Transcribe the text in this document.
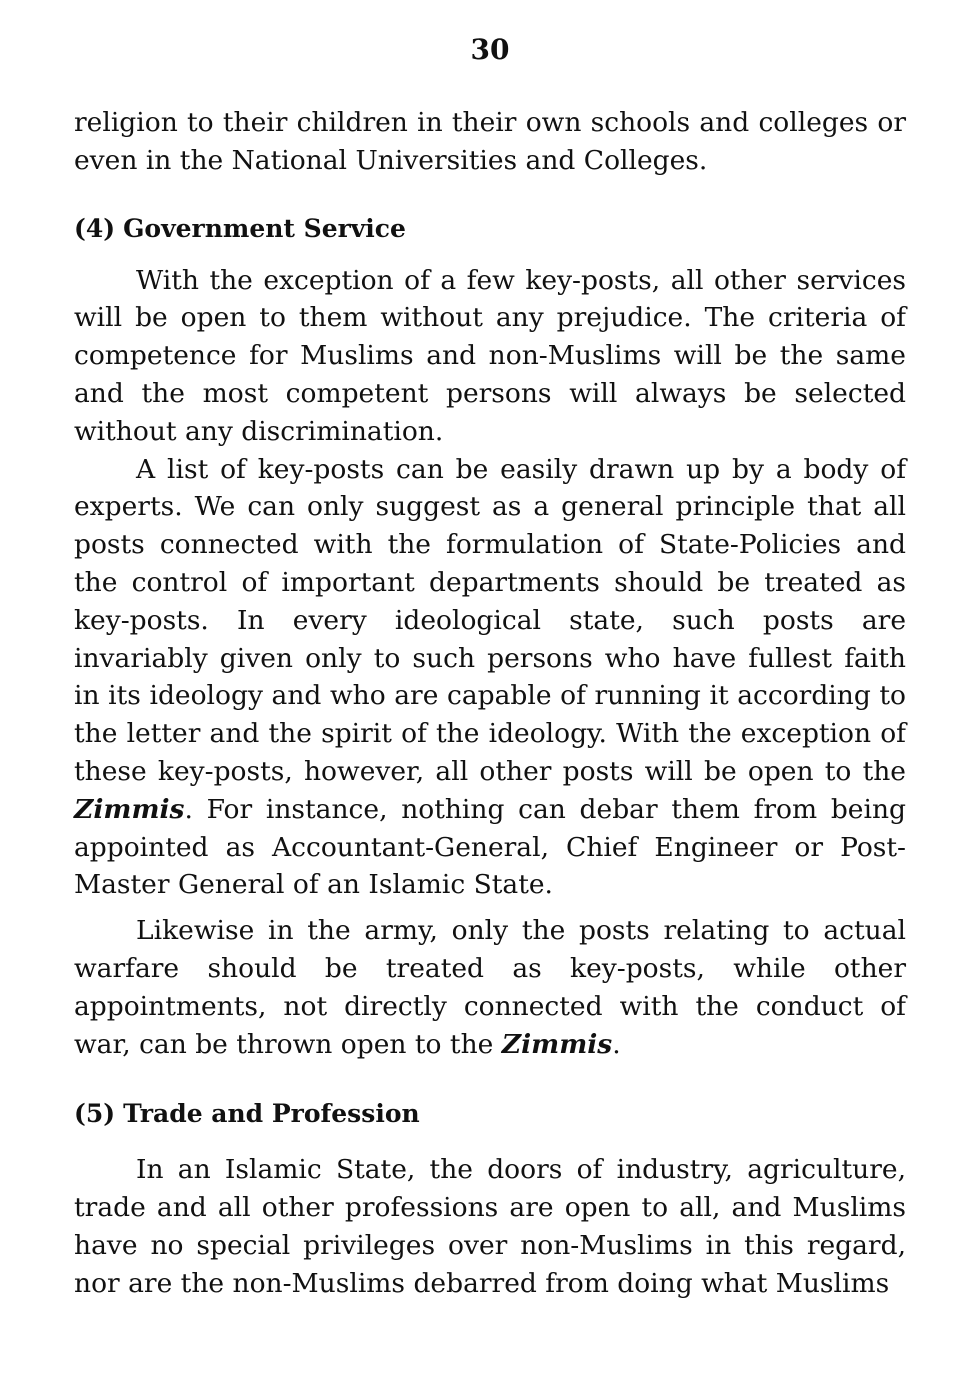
30

religion to their children in their own schools and colleges or even in the National Universities and Colleges.

(4) Government Service

With the exception of a few key-posts, all other services will be open to them without any prejudice. The criteria of competence for Muslims and non-Muslims will be the same and the most competent persons will always be selected without any discrimination.

A list of key-posts can be easily drawn up by a body of experts. We can only suggest as a general principle that all posts connected with the formulation of State-Policies and the control of important departments should be treated as key-posts. In every ideological state, such posts are invariably given only to such persons who have fullest faith in its ideology and who are capable of running it according to the letter and the spirit of the ideology. With the exception of these key-posts, however, all other posts will be open to the Zimmis. For instance, nothing can debar them from being appointed as Accountant-General, Chief Engineer or Post-Master General of an Islamic State.

Likewise in the army, only the posts relating to actual warfare should be treated as key-posts, while other appointments, not directly connected with the conduct of war, can be thrown open to the Zimmis.

(5) Trade and Profession

In an Islamic State, the doors of industry, agriculture, trade and all other professions are open to all, and Muslims have no special privileges over non-Muslims in this regard, nor are the non-Muslims debarred from doing what Muslims
